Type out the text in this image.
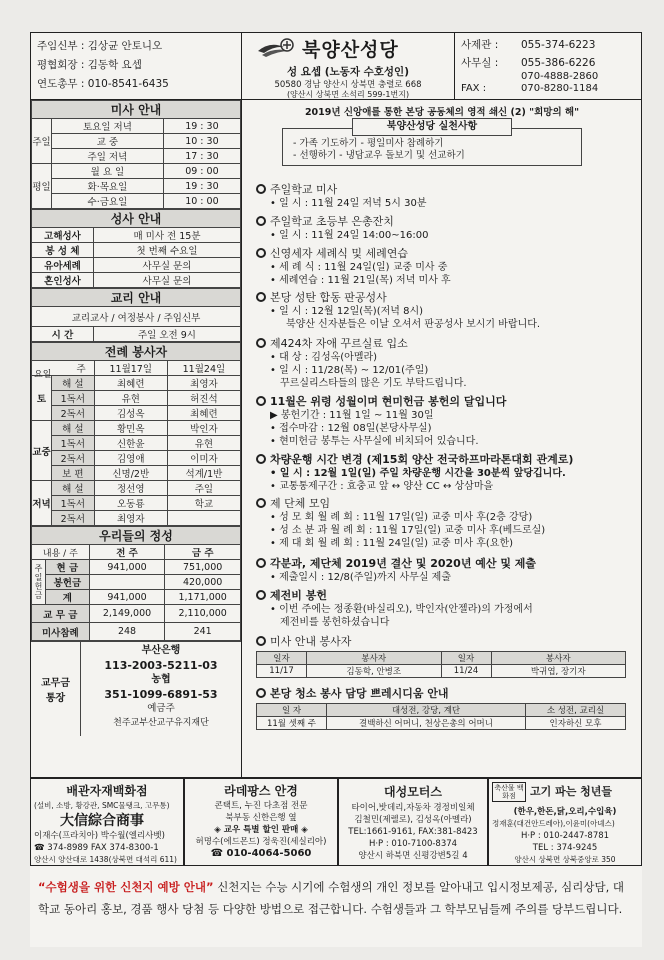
주임신부 : 김상균 안토니오
평협회장 : 김동학 요셉
연도총무 : 010-8541-6435
북양산성당
성 요셉 (노동자 수호성인)
50580 경남 양산시 상북면 충렬로 668
(양산시 상북면 소석리 599-1번지)
사제관 : 055-374-6223
사무실 : 055-386-6226
070-4888-2860
FAX :	070-8280-1184
미사 안내		
주일	토요일 저녁	19 : 30
	교 중	10 : 30
	주일 저녁	17 : 30
평일	월 요 일	09 : 00
	화·목요일	19 : 30
	수·금요일	10 : 00
성사 안내	
고해성사	매 미사 전 15분
봉 성 체	첫 번째 수요일
유아세례	사무실 문의
혼인성사	사무실 문의
교리 안내
교리교사 / 여정봉사 / 주임신부
시 간	주일 오전 9시
전례 봉사자			

주
요일		11월17일	11월24일
토	해 설	최혜련	최영자
	1독서	유현	허진석
	2독서	김성옥	최혜련
교중	해 설	황민옥	박인자
	1독서	신한윤	유현
	2독서	김영애	이미자
	보 편	신명/2반	석계/1반
저녁	해 설	정선영	주일
	1독서	오동룡	학교
	2독서	최영자	
우리들의 정성			
내용 / 주		전 주	금 주
주일헌금	현 금	941,000	751,000
	봉헌금		420,000
	계	941,000	1,171,000
교 무 금		2,149,000	2,110,000
미사참례		248	241
교무금 통장
부산은행
113-2003-5211-03
농협
351-1099-6891-53
예금주
천주교부산교구유지재단
2019년 신앙애를 통한 본당 공동체의 영적 쇄신 (2) "희망의 해"
북양산성당 실천사항
- 가족 기도하기 - 평일미사 참례하기
- 선행하기 - 냉담교우 돌보기 및 선교하기
주일학교 미사
• 일 시 : 11월 24일 저녁 5시 30분
주일학교 초등부 은총잔치
• 일 시 : 11월 24일 14:00~16:00
신영세자 세례식 및 세례연습
• 세 례 식 : 11월 24일(일) 교중 미사 중
• 세례연습 : 11월 21일(목) 저녁 미사 후
본당 성탄 합동 판공성사
• 일 시 : 12월 12일(목)(저녁 8시)
북양산 신자분들은 이날 오셔서 판공성사 보시기 바랍니다.
제424차 자애 꾸르실료 입소
• 대 상 : 김성옥(아멜라)
• 일 시 : 11/28(목) ~ 12/01(주일)
꾸르실리스타들의 많은 기도 부탁드립니다.
11월은 위령 성월이며 현미헌금 봉헌의 달입니다
▶ 봉헌기간 : 11월 1일 ~ 11월 30일
• 접수마감 : 12월 08일(본당사무실)
• 현미헌금 봉투는 사무실에 비치되어 있습니다.
차량운행 시간 변경 (제15회 양산 전국하프마라톤대회 관계로)
• 일 시 : 12월 1일(일) 주일 차량운행 시간을 30분씩 앞당깁니다.
• 교통통제구간 : 효충교 앞 ↔ 양산 CC ↔ 상삼마을
제 단체 모임
• 성 모 회 월 례 회 : 11월 17일(일) 교중 미사 후(2층 강당)
• 성 소 분 과 월 례 회 : 11월 17일(일) 교중 미사 후(베드로실)
• 제 대 회 월 례 회 : 11월 24일(일) 교중 미사 후(요한)
각분과, 제단체 2019년 결산 및 2020년 예산 및 제출
• 제출일시 : 12/8(주일)까지 사무실 제출
제전비 봉헌
• 이번 주에는 정종환(바실리오), 박인자(안젤라)의 가정에서
제전비를 봉헌하셨습니다
미사 안내 봉사자
일자	봉사자	일자	봉사자
11/17	김동학, 안병조	11/24	박귀엽, 장기자
본당 청소 봉사 담당 쁘레시디움 안내
일 자	대성전, 강당, 계단	소 성전, 교리실
11월 셋째 주	결백하신 어머니, 천상은총의 어머니	인자하신 모후
배관자재백화점
(설비, 소방, 황강관, SMC물탱크, 고무통)
大信綜合商事
이재수(프라치아) 박수월(엘리사벳)
☎ 374-8989 FAX 374-8300-1
양산시 양산대로 1438(상북면 대석리 611)
라데팡스 안경
콘택트, 누진 다초점 전문
북부동 신한은행 옆
◈ 교우 특별 할인 판매 ◈
허명수(에드몬드) 정욱진(세실리아)
☎ 010-4064-5060
대성모터스
타이어,밧데리,자동차 경정비일체
김철민(제렐로), 김성옥(아멜라)
TEL:1661-9161, FAX:381-8423
H·P : 010-7100-8374
양산시 하북면 신평강변5길 4
축산물 백화점	고기 파는 청년들
(한우,한돈,닭,오리,수입육)
정재훈(대건안드레아),이윤미(아녜스)
H·P : 010-2447-8781
TEL : 374-9245
양산시 상북면 상북중앙로 350
“수험생을 위한 신천지 예방 안내” 신천지는 수능 시기에 수험생의 개인 정보를 알아내고 입시정보제공, 심리상담, 대학교 동아리 홍보, 경품 행사 당첨 등 다양한 방법으로 접근합니다. 수험생들과 그 학부모님들께 주의를 당부드립니다.
